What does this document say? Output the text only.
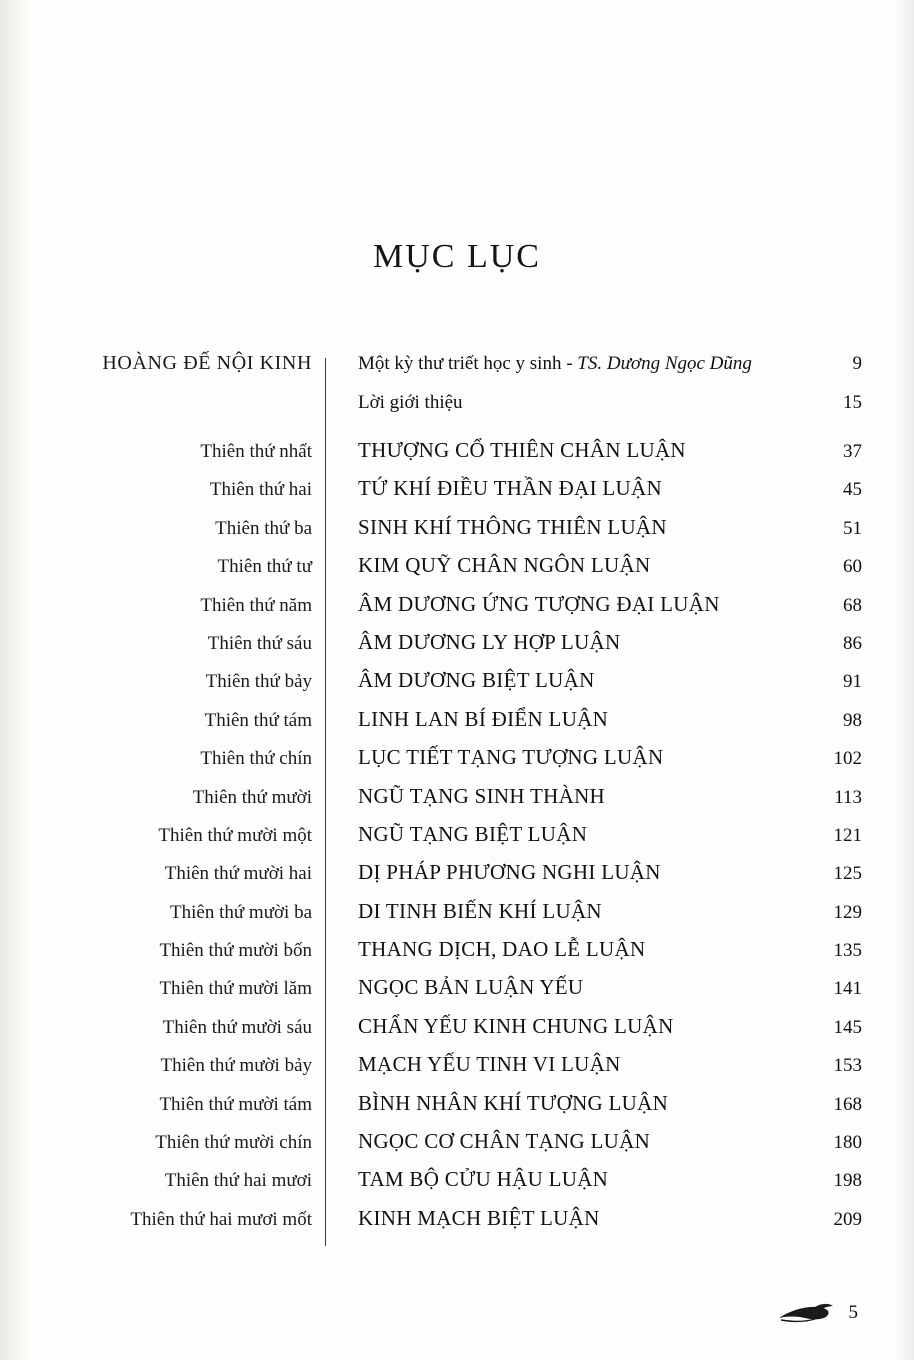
MỤC LỤC
HOÀNG ĐẾ NỘI KINH	Một kỳ thư triết học y sinh - TS. Dương Ngọc Dũng	9
Lời giới thiệu	15
Thiên thứ nhất	THƯỢNG CỔ THIÊN CHÂN LUẬN	37
Thiên thứ hai	TỨ KHÍ ĐIỀU THẦN ĐẠI LUẬN	45
Thiên thứ ba	SINH KHÍ THÔNG THIÊN LUẬN	51
Thiên thứ tư	KIM QUỸ CHÂN NGÔN LUẬN	60
Thiên thứ năm	ÂM DƯƠNG ỨNG TƯỢNG ĐẠI LUẬN	68
Thiên thứ sáu	ÂM DƯƠNG LY HỢP LUẬN	86
Thiên thứ bảy	ÂM DƯƠNG BIỆT LUẬN	91
Thiên thứ tám	LINH LAN BÍ ĐIỂN LUẬN	98
Thiên thứ chín	LỤC TIẾT TẠNG TƯỢNG LUẬN	102
Thiên thứ mười	NGŨ TẠNG SINH THÀNH	113
Thiên thứ mười một	NGŨ TẠNG BIỆT LUẬN	121
Thiên thứ mười hai	DỊ PHÁP PHƯƠNG NGHI LUẬN	125
Thiên thứ mười ba	DI TINH BIẾN KHÍ LUẬN	129
Thiên thứ mười bốn	THANG DỊCH, DAO LỄ LUẬN	135
Thiên thứ mười lăm	NGỌC BẢN LUẬN YẾU	141
Thiên thứ mười sáu	CHẨN YẾU KINH CHUNG LUẬN	145
Thiên thứ mười bảy	MẠCH YẾU TINH VI LUẬN	153
Thiên thứ mười tám	BÌNH NHÂN KHÍ TƯỢNG LUẬN	168
Thiên thứ mười chín	NGỌC CƠ CHÂN TẠNG LUẬN	180
Thiên thứ hai mươi	TAM BỘ CỬU HẬU LUẬN	198
Thiên thứ hai mươi mốt	KINH MẠCH BIỆT LUẬN	209
5
